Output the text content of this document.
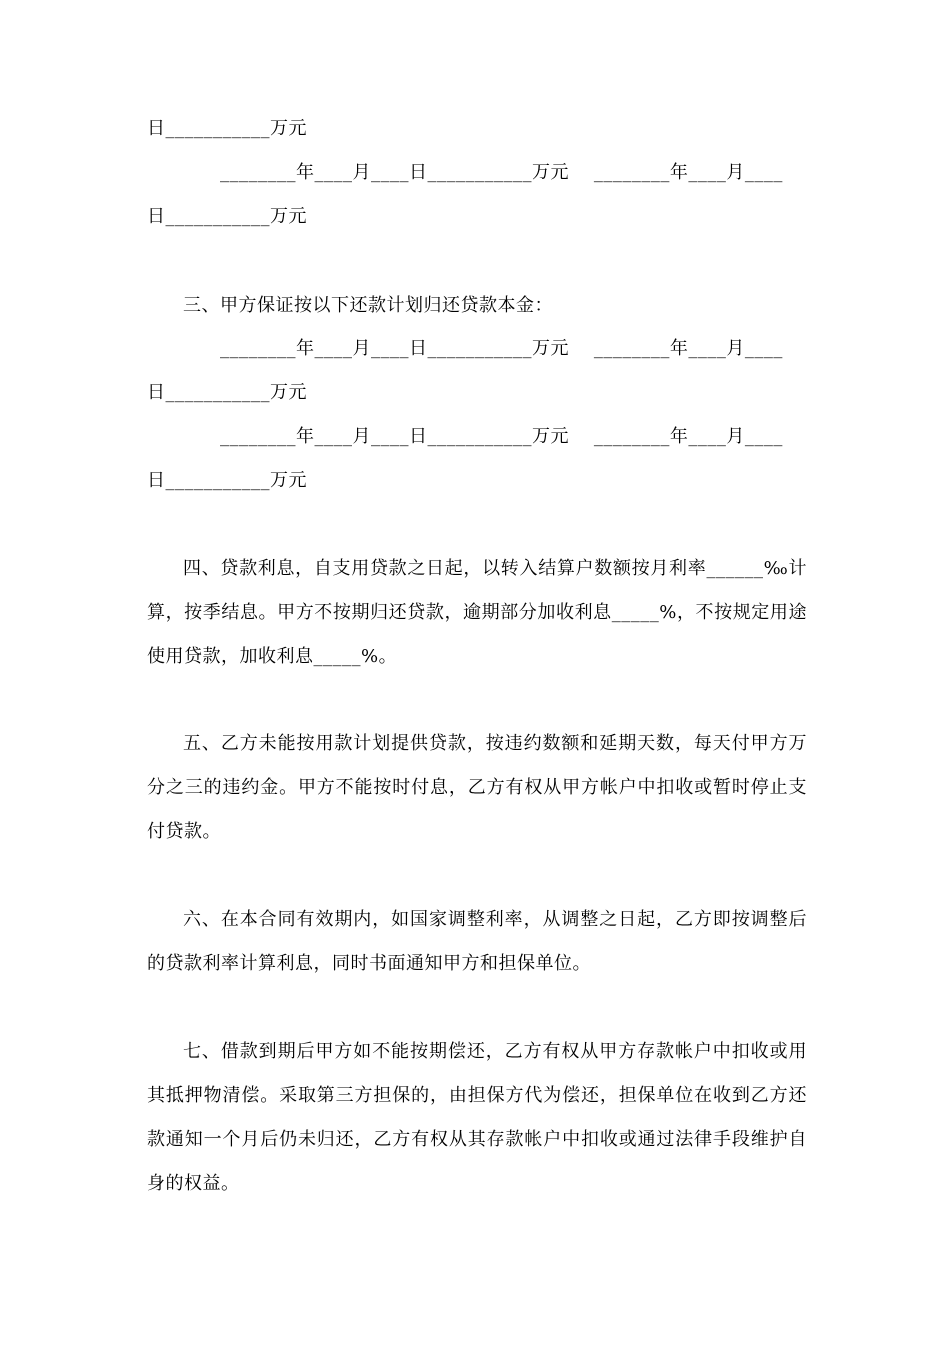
日___________万元
________年____月____日___________万元    ________年____月____
日___________万元
三、甲方保证按以下还款计划归还贷款本金：
________年____月____日___________万元    ________年____月____
日___________万元
________年____月____日___________万元    ________年____月____
日___________万元
四、贷款利息，自支用贷款之日起，以转入结算户数额按月利率______‰计算，按季结息。甲方不按期归还贷款，逾期部分加收利息_____%，不按规定用途使用贷款，加收利息_____%。
五、乙方未能按用款计划提供贷款，按违约数额和延期天数，每天付甲方万分之三的违约金。甲方不能按时付息，乙方有权从甲方帐户中扣收或暂时停止支付贷款。
六、在本合同有效期内，如国家调整利率，从调整之日起，乙方即按调整后的贷款利率计算利息，同时书面通知甲方和担保单位。
七、借款到期后甲方如不能按期偿还，乙方有权从甲方存款帐户中扣收或用其抵押物清偿。采取第三方担保的，由担保方代为偿还，担保单位在收到乙方还款通知一个月后仍未归还，乙方有权从其存款帐户中扣收或通过法律手段维护自身的权益。
